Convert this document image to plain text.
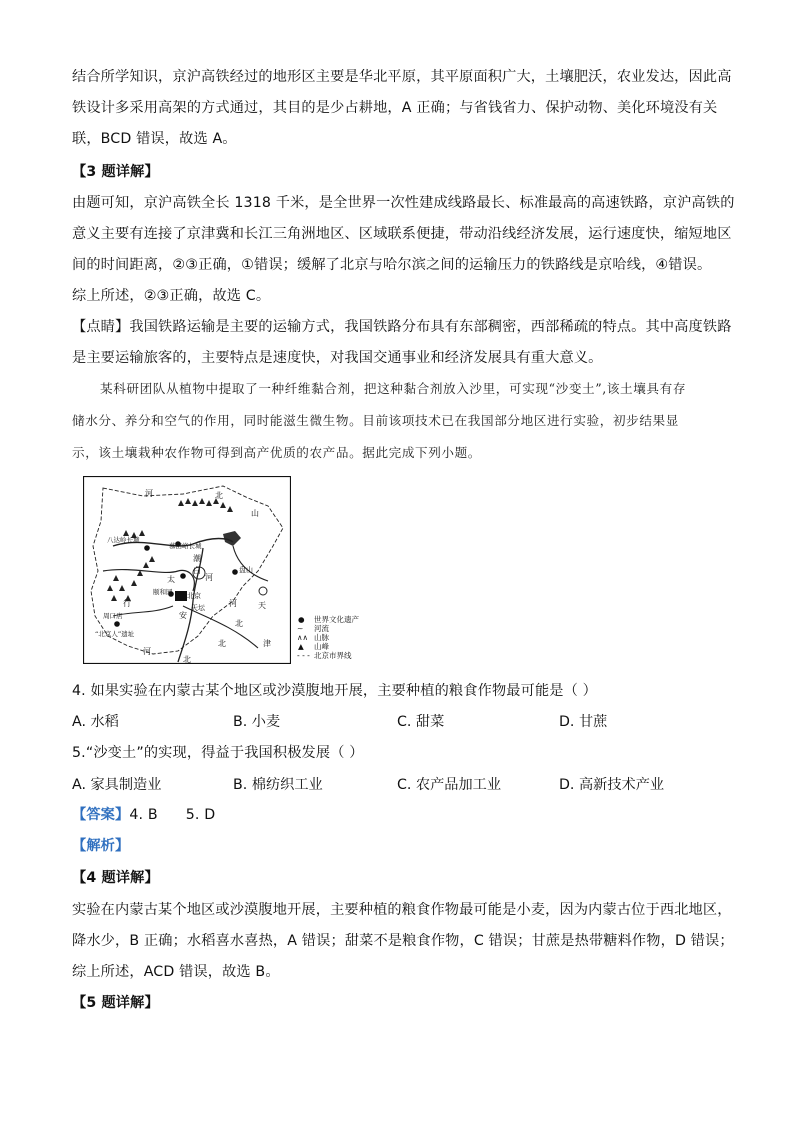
结合所学知识，京沪高铁经过的地形区主要是华北平原，其平原面积广大，土壤肥沃，农业发达，因此高
铁设计多采用高架的方式通过，其目的是少占耕地，A 正确；与省钱省力、保护动物、美化环境没有关
联，BCD 错误，故选 A。
【3 题详解】
由题可知，京沪高铁全长 1318 千米，是全世界一次性建成线路最长、标准最高的高速铁路，京沪高铁的
意义主要有连接了京津冀和长江三角洲地区、区域联系便捷，带动沿线经济发展，运行速度快，缩短地区
间的时间距离，②③正确，①错误；缓解了北京与哈尔滨之间的运输压力的铁路线是京哈线，④错误。
综上所述，②③正确，故选 C。
【点睛】我国铁路运输是主要的运输方式，我国铁路分布具有东部稠密，西部稀疏的特点。其中高度铁路
是主要运输旅客的，主要特点是速度快，对我国交通事业和经济发展具有重大意义。
某科研团队从植物中提取了一种纤维黏合剂，把这种黏合剂放入沙里，可实现“沙变土”,该土壤具有存
储水分、养分和空气的作用，同时能滋生微生物。目前该项技术已在我国部分地区进行实验，初步结果显
示，该土壤栽种农作物可得到高产优质的农产品。据此完成下列小题。
河	北
山
八达岭长城
慕田峪长城
潮
白
河
盘山
北京
天坛
颐和园
周口店
“北京人”遗址
行
太
河
北
天
北
津
河
北
安	● 世界文化遗产
∼ 河流
∧∧ 山脉
▲ 山峰
- - - 北京市界线
4. 如果实验在内蒙古某个地区或沙漠腹地开展，主要种植的粮食作物最可能是（ ）
A. 水稻	B. 小麦	C. 甜菜	D. 甘蔗
5.“沙变土”的实现，得益于我国积极发展（ ）
A. 家具制造业	B. 棉纺织工业	C. 农产品加工业	D. 高新技术产业
【答案】4. B      5. D
【解析】
【4 题详解】
实验在内蒙古某个地区或沙漠腹地开展，主要种植的粮食作物最可能是小麦，因为内蒙古位于西北地区，
降水少，B 正确；水稻喜水喜热，A 错误；甜菜不是粮食作物，C 错误；甘蔗是热带糖料作物，D 错误；
综上所述，ACD 错误，故选 B。
【5 题详解】
